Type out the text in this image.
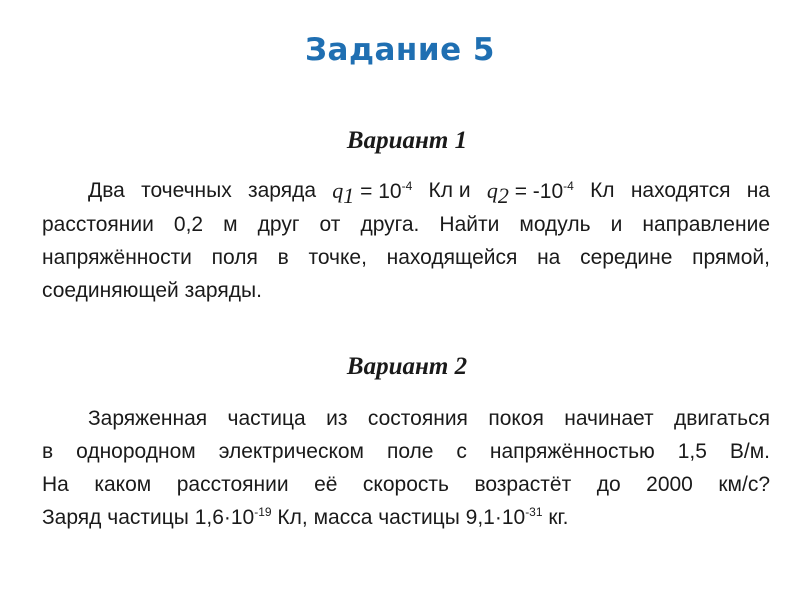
Задание 5
Вариант 1
Два точечных заряда $q_1 = 10^{-4}$ Кл и $q_2 = -10^{-4}$ Кл находятся на
расстоянии 0,2 м друг от друга. Найти модуль и направление
напряжённости поля в точке, находящейся на середине прямой,
соединяющей заряды.
Вариант 2
Заряженная частица из состояния покоя начинает двигаться
в однородном электрическом поле с напряжённостью 1,5 В/м.
На каком расстоянии её скорость возрастёт до 2000 км/с?
Заряд частицы $1,6\cdot 10^{-19}$ Кл, масса частицы $9,1\cdot 10^{-31}$ кг.
